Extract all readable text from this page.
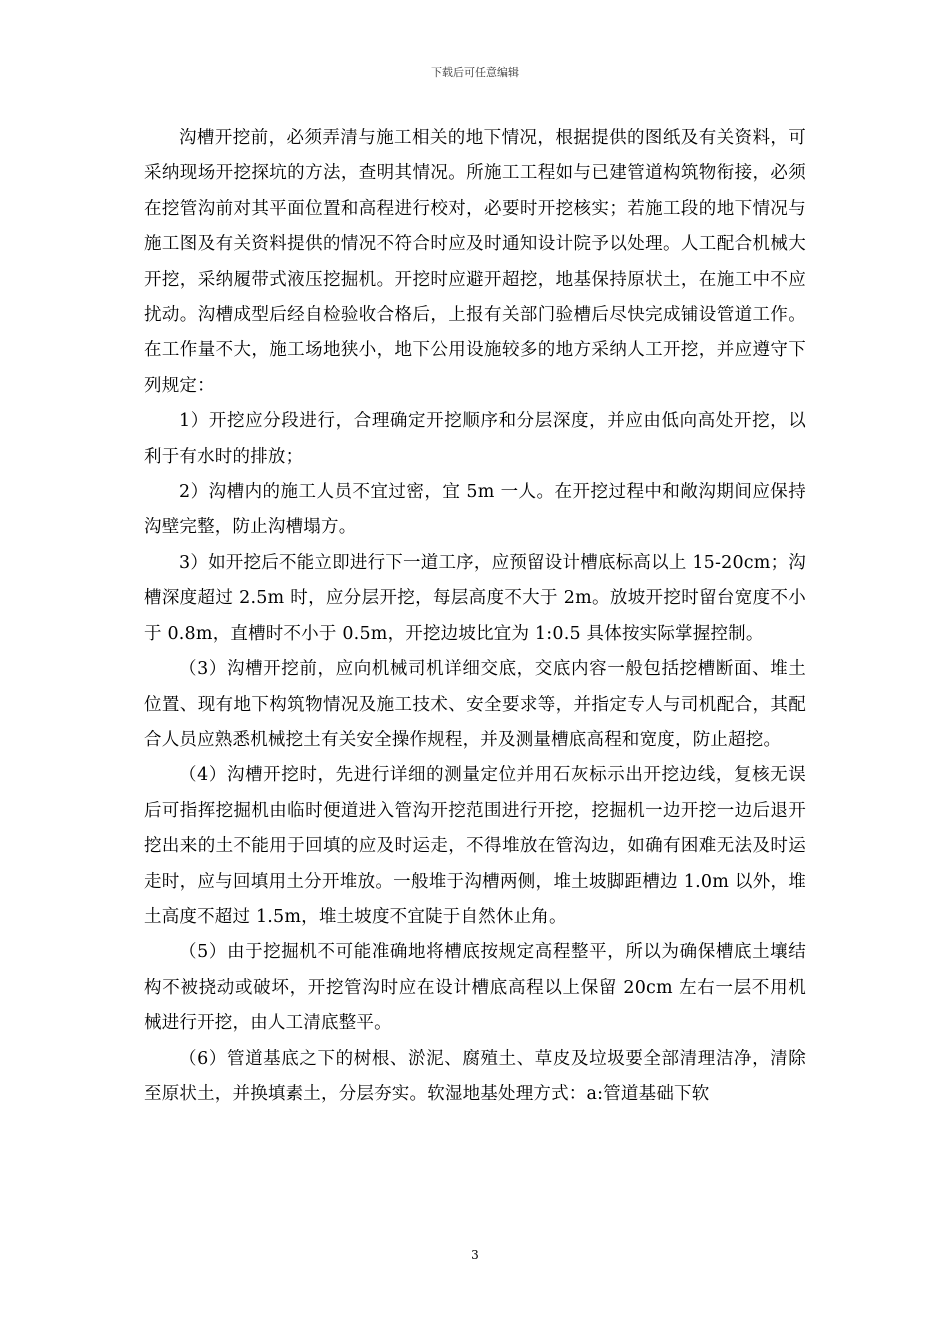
下载后可任意编辑

沟槽开挖前，必须弄清与施工相关的地下情况，根据提供的图纸及有关资料，可采纳现场开挖探坑的方法，查明其情况。所施工工程如与已建管道构筑物衔接，必须在挖管沟前对其平面位置和高程进行校对，必要时开挖核实；若施工段的地下情况与施工图及有关资料提供的情况不符合时应及时通知设计院予以处理。人工配合机械大开挖，采纳履带式液压挖掘机。开挖时应避开超挖，地基保持原状土，在施工中不应扰动。沟槽成型后经自检验收合格后，上报有关部门验槽后尽快完成铺设管道工作。在工作量不大，施工场地狭小，地下公用设施较多的地方采纳人工开挖，并应遵守下列规定：

1）开挖应分段进行，合理确定开挖顺序和分层深度，并应由低向高处开挖，以利于有水时的排放；

2）沟槽内的施工人员不宜过密，宜 5m 一人。在开挖过程中和敞沟期间应保持沟壁完整，防止沟槽塌方。

3）如开挖后不能立即进行下一道工序，应预留设计槽底标高以上 15-20cm；沟槽深度超过 2.5m 时，应分层开挖，每层高度不大于 2m。放坡开挖时留台宽度不小于 0.8m，直槽时不小于 0.5m，开挖边坡比宜为 1:0.5 具体按实际掌握控制。

（3）沟槽开挖前，应向机械司机详细交底，交底内容一般包括挖槽断面、堆土位置、现有地下构筑物情况及施工技术、安全要求等，并指定专人与司机配合，其配合人员应熟悉机械挖土有关安全操作规程，并及测量槽底高程和宽度，防止超挖。

（4）沟槽开挖时，先进行详细的测量定位并用石灰标示出开挖边线，复核无误后可指挥挖掘机由临时便道进入管沟开挖范围进行开挖，挖掘机一边开挖一边后退开挖出来的土不能用于回填的应及时运走，不得堆放在管沟边，如确有困难无法及时运走时，应与回填用土分开堆放。一般堆于沟槽两侧，堆土坡脚距槽边 1.0m 以外，堆土高度不超过 1.5m，堆土坡度不宜陡于自然休止角。

（5）由于挖掘机不可能准确地将槽底按规定高程整平，所以为确保槽底土壤结构不被挠动或破坏，开挖管沟时应在设计槽底高程以上保留 20cm 左右一层不用机械进行开挖，由人工清底整平。

（6）管道基底之下的树根、淤泥、腐殖土、草皮及垃圾要全部清理洁净，清除至原状土，并换填素土，分层夯实。软湿地基处理方式：a:管道基础下软

3
